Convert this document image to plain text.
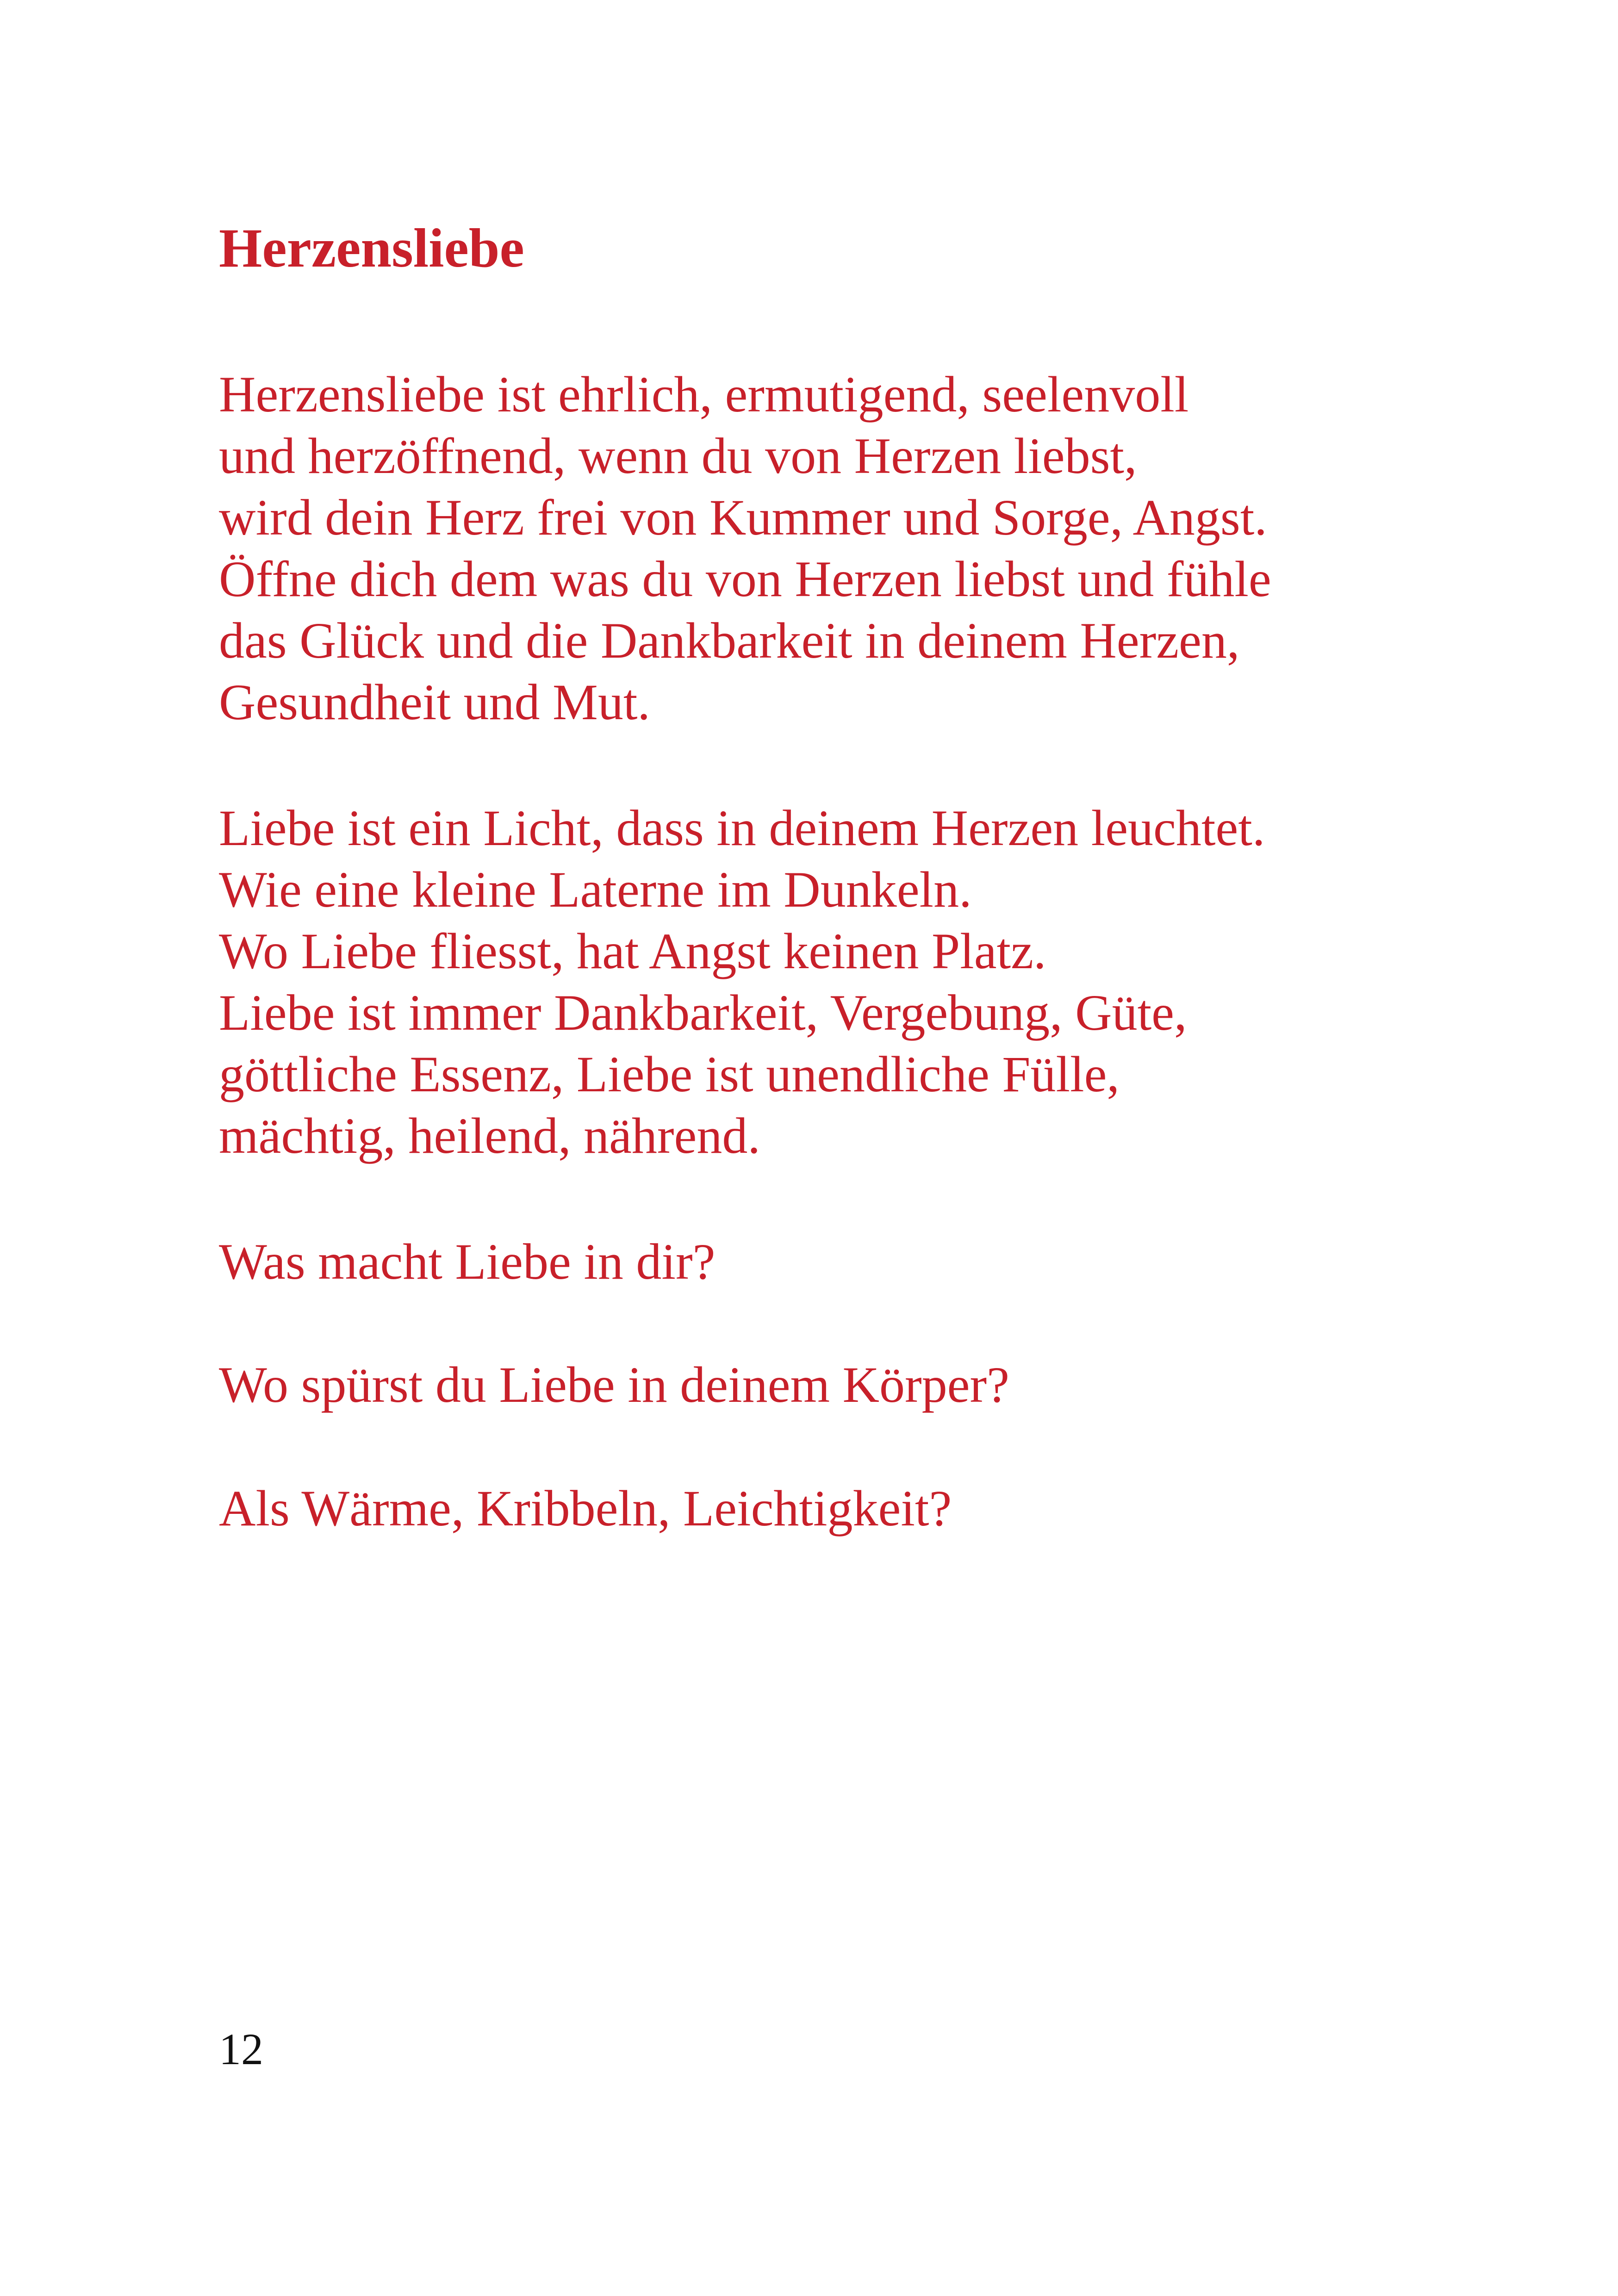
Herzensliebe

Herzensliebe ist ehrlich, ermutigend, seelenvoll
und herzöffnend, wenn du von Herzen liebst,
wird dein Herz frei von Kummer und Sorge, Angst.
Öffne dich dem was du von Herzen liebst und fühle
das Glück und die Dankbarkeit in deinem Herzen,
Gesundheit und Mut.

Liebe ist ein Licht, dass in deinem Herzen leuchtet.
Wie eine kleine Laterne im Dunkeln.
Wo Liebe fliesst, hat Angst keinen Platz.
Liebe ist immer Dankbarkeit, Vergebung, Güte,
göttliche Essenz, Liebe ist unendliche Fülle,
mächtig, heilend, nährend.

Was macht Liebe in dir?

Wo spürst du Liebe in deinem Körper?

Als Wärme, Kribbeln, Leichtigkeit?

12
